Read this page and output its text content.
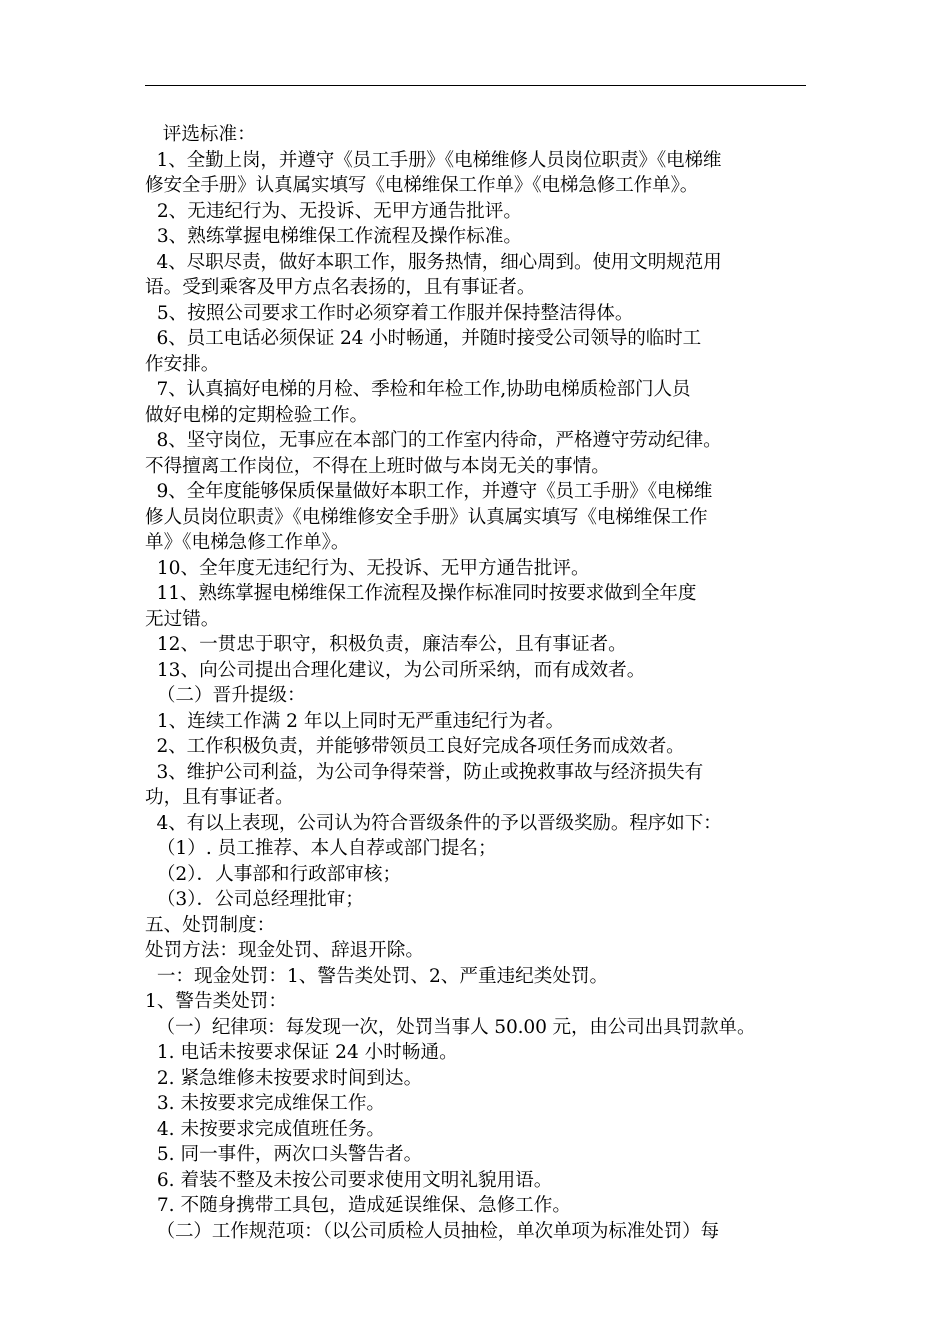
评选标准：
1、全勤上岗，并遵守《员工手册》《电梯维修人员岗位职责》《电梯维
修安全手册》认真属实填写《电梯维保工作单》《电梯急修工作单》。
2、无违纪行为、无投诉、无甲方通告批评。
3、熟练掌握电梯维保工作流程及操作标准。
4、尽职尽责，做好本职工作，服务热情，细心周到。使用文明规范用
语。受到乘客及甲方点名表扬的，且有事证者。
5、按照公司要求工作时必须穿着工作服并保持整洁得体。
6、员工电话必须保证 24 小时畅通，并随时接受公司领导的临时工
作安排。
7、认真搞好电梯的月检、季检和年检工作,协助电梯质检部门人员
做好电梯的定期检验工作。
8、坚守岗位，无事应在本部门的工作室内待命，严格遵守劳动纪律。
不得擅离工作岗位，不得在上班时做与本岗无关的事情。
9、全年度能够保质保量做好本职工作，并遵守《员工手册》《电梯维
修人员岗位职责》《电梯维修安全手册》认真属实填写《电梯维保工作
单》《电梯急修工作单》。
10、全年度无违纪行为、无投诉、无甲方通告批评。
11、熟练掌握电梯维保工作流程及操作标准同时按要求做到全年度
无过错。
12、一贯忠于职守，积极负责，廉洁奉公，且有事证者。
13、向公司提出合理化建议，为公司所采纳，而有成效者。
（二）晋升提级：
1、连续工作满 2 年以上同时无严重违纪行为者。
2、工作积极负责，并能够带领员工良好完成各项任务而成效者。
3、维护公司利益，为公司争得荣誉，防止或挽救事故与经济损失有
功，且有事证者。
4、有以上表现，公司认为符合晋级条件的予以晋级奖励。程序如下：
（1）. 员工推荐、本人自荐或部门提名；
（2）．人事部和行政部审核；
（3）．公司总经理批审；
五、处罚制度：
处罚方法：现金处罚、辞退开除。
一：现金处罚：1、警告类处罚、2、严重违纪类处罚。
1、警告类处罚：
（一）纪律项：每发现一次，处罚当事人 50.00 元，由公司出具罚款单。
1. 电话未按要求保证 24 小时畅通。
2. 紧急维修未按要求时间到达。
3. 未按要求完成维保工作。
4. 未按要求完成值班任务。
5. 同一事件，两次口头警告者。
6. 着装不整及未按公司要求使用文明礼貌用语。
7. 不随身携带工具包，造成延误维保、急修工作。
（二）工作规范项：（以公司质检人员抽检，单次单项为标准处罚）每
